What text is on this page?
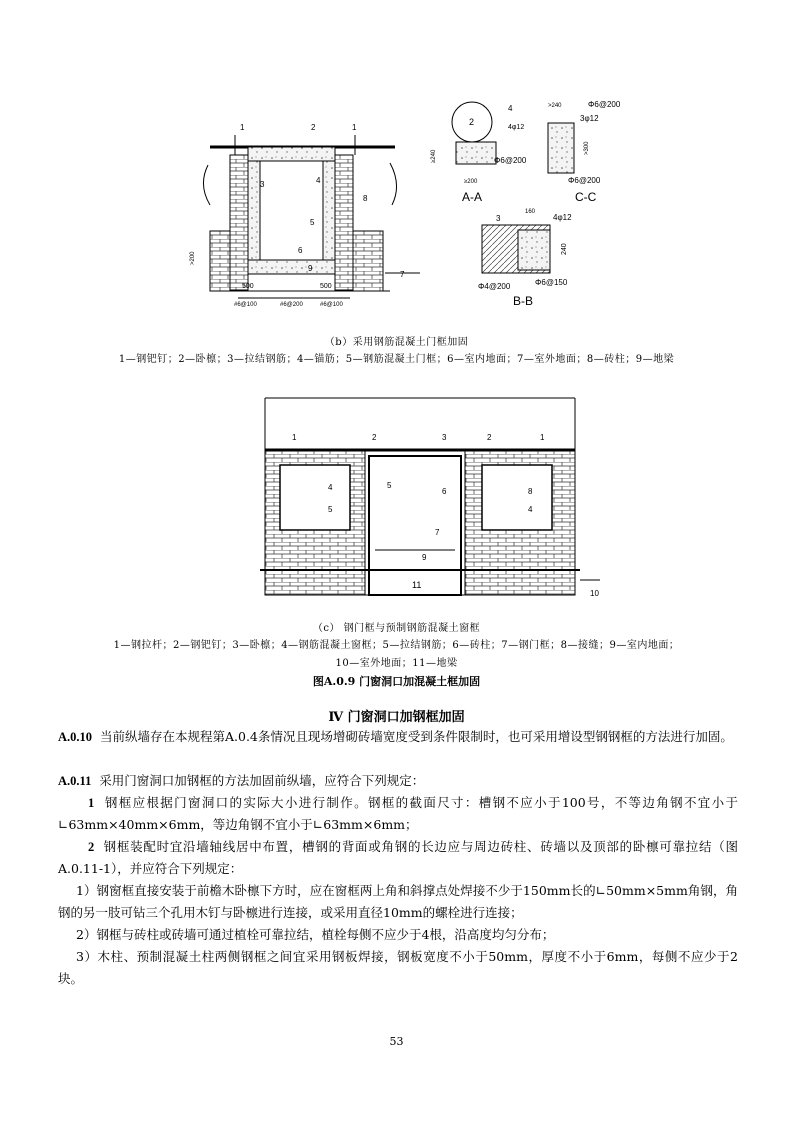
1	2	1
3	4
8
5
6
9
7
500	500
#6@100	#6@200	#6@100
>200
2
4
4φ12
≥240
≥200
Φ6@200
A-A
>240	Φ6@200
3φ12
>300
Φ6@200
C-C
3
160
4φ12
240
Φ4@200	Φ6@150
B-B
（b）采用钢筋混凝土门框加固
1—钢钯钉；2—卧檩；3—拉结钢筋；4—锚筋；5—钢筋混凝土门框；6—室内地面；7—室外地面；8—砖柱；9—地梁
1	2	3	2	1
4
5
5
6
7
8
4
9
11
10
（c） 钢门框与预制钢筋混凝土窗框
1—钢拉杆；2—钢钯钉；3—卧檩；4—钢筋混凝土窗框；5—拉结钢筋；6—砖柱；7—钢门框；8—接缝；9—室内地面；
10—室外地面；11—地梁
图A.0.9 门窗洞口加混凝土框加固
Ⅳ 门窗洞口加钢框加固
A.0.10 当前纵墙存在本规程第A.0.4条情况且现场增砌砖墙宽度受到条件限制时，也可采用增设型钢钢框的方法进行加固。
A.0.11 采用门窗洞口加钢框的方法加固前纵墙，应符合下列规定：
1 钢框应根据门窗洞口的实际大小进行制作。钢框的截面尺寸：槽钢不应小于100号，不等边角钢不宜小于∟63mm×40mm×6mm，等边角钢不宜小于∟63mm×6mm；
2 钢框装配时宜沿墙轴线居中布置，槽钢的背面或角钢的长边应与周边砖柱、砖墙以及顶部的卧檩可靠拉结（图A.0.11-1），并应符合下列规定：
1）钢窗框直接安装于前檐木卧檩下方时，应在窗框两上角和斜撑点处焊接不少于150mm长的∟50mm×5mm角钢，角钢的另一肢可钻三个孔用木钉与卧檩进行连接，或采用直径10mm的螺栓进行连接；
2）钢框与砖柱或砖墙可通过植栓可靠拉结，植栓每侧不应少于4根，沿高度均匀分布；
3）木柱、预制混凝土柱两侧钢框之间宜采用钢板焊接，钢板宽度不小于50mm，厚度不小于6mm，每侧不应少于2块。
53
